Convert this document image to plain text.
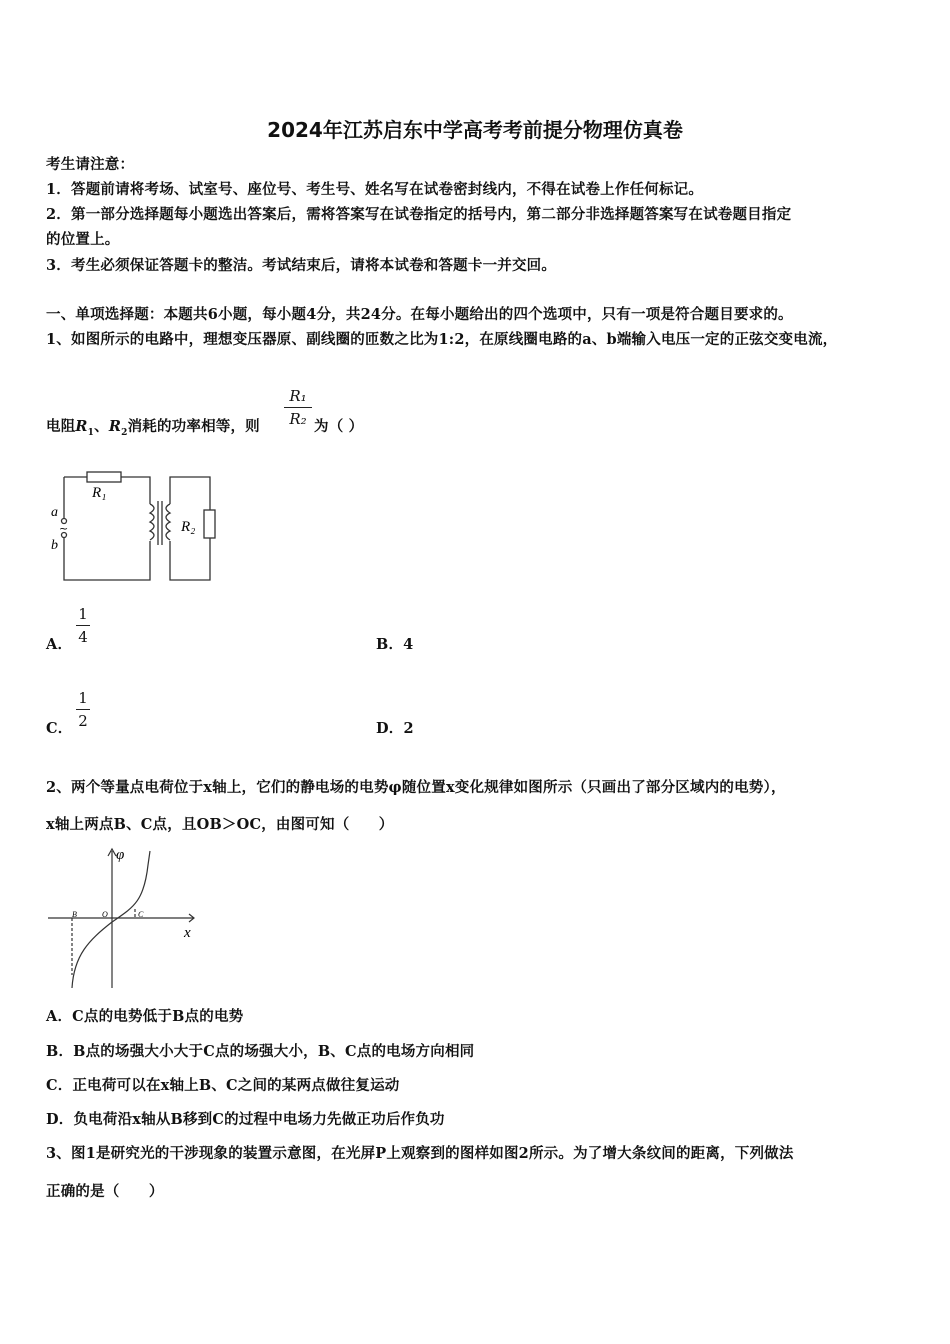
2024年江苏启东中学高考考前提分物理仿真卷
考生请注意：
1．答题前请将考场、试室号、座位号、考生号、姓名写在试卷密封线内，不得在试卷上作任何标记。
2．第一部分选择题每小题选出答案后，需将答案写在试卷指定的括号内，第二部分非选择题答案写在试卷题目指定
的位置上。
3．考生必须保证答题卡的整洁。考试结束后，请将本试卷和答题卡一并交回。
一、单项选择题：本题共6小题，每小题4分，共24分。在每小题给出的四个选项中，只有一项是符合题目要求的。
1、如图所示的电路中，理想变压器原、副线圈的匝数之比为1:2，在原线圈电路的a、b端输入电压一定的正弦交变电流，
电阻$R_1$、$R_2$消耗的功率相等，则
R₁
R₂ 为（ ）
R₁
R₂
a
b
~
A．
1
4	B．4
C．
1
2	D．2
2、两个等量点电荷位于x轴上，它们的静电场的电势φ随位置x变化规律如图所示（只画出了部分区域内的电势），
x轴上两点B、C点，且OB＞OC，由图可知（　　）
φ
x
B	O	C
A．C点的电势低于B点的电势
B．B点的场强大小大于C点的场强大小，B、C点的电场方向相同
C．正电荷可以在x轴上B、C之间的某两点做往复运动
D．负电荷沿x轴从B移到C的过程中电场力先做正功后作负功
3、图1是研究光的干涉现象的装置示意图，在光屏P上观察到的图样如图2所示。为了增大条纹间的距离，下列做法
正确的是（　　）
